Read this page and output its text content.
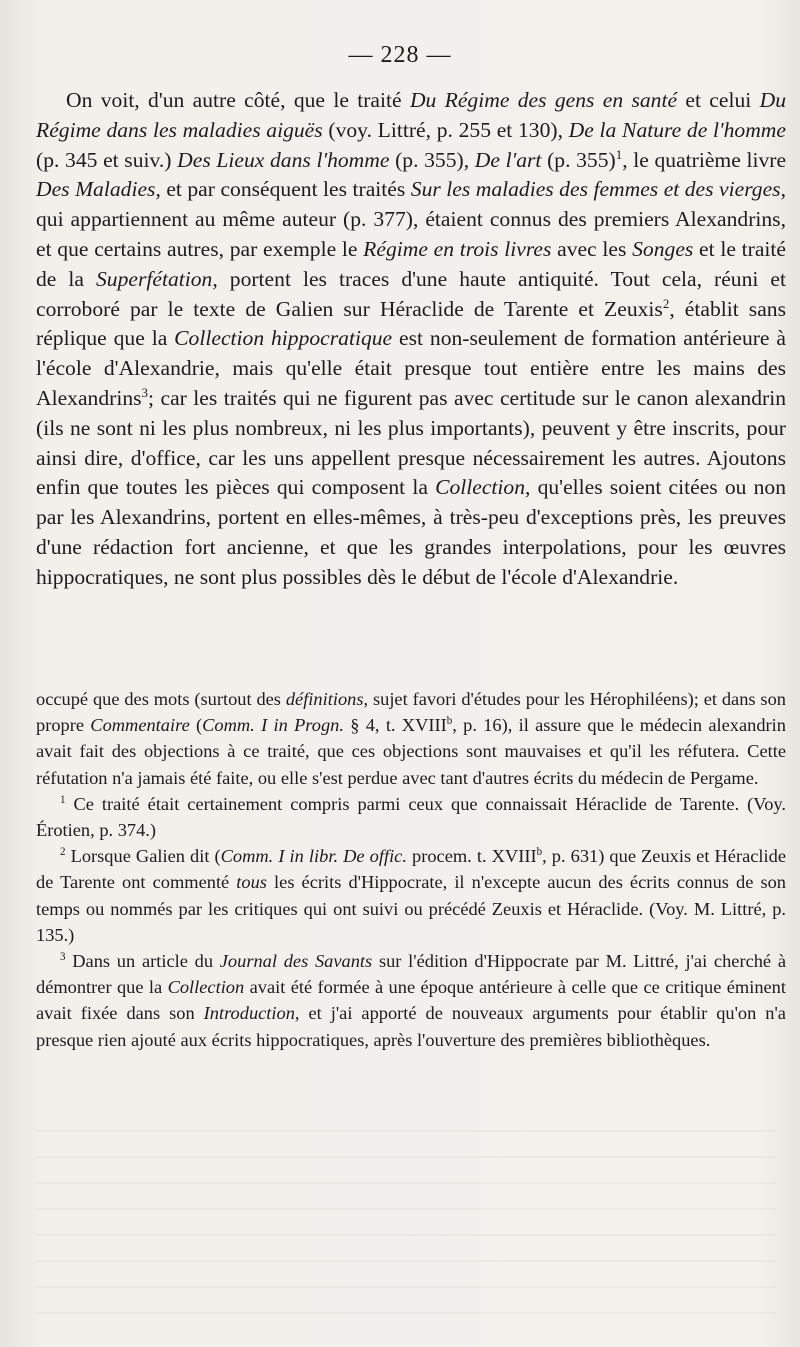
— 228 —

On voit, d'un autre côté, que le traité Du Régime des gens en santé et celui Du Régime dans les maladies aiguës (voy. Littré, p. 255 et 130), De la Nature de l'homme (p. 345 et suiv.) Des Lieux dans l'homme (p. 355), De l'art (p. 355)$^1$, le quatrième livre Des Maladies, et par conséquent les traités Sur les maladies des femmes et des vierges, qui appartiennent au même auteur (p. 377), étaient connus des premiers Alexandrins, et que certains autres, par exemple le Régime en trois livres avec les Songes et le traité de la Superfétation, portent les traces d'une haute antiquité. Tout cela, réuni et corroboré par le texte de Galien sur Héraclide de Tarente et Zeuxis$^2$, établit sans réplique que la Collection hippocratique est non-seulement de formation antérieure à l'école d'Alexandrie, mais qu'elle était presque tout entière entre les mains des Alexandrins$^3$; car les traités qui ne figurent pas avec certitude sur le canon alexandrin (ils ne sont ni les plus nombreux, ni les plus importants), peuvent y être inscrits, pour ainsi dire, d'office, car les uns appellent presque nécessairement les autres. Ajoutons enfin que toutes les pièces qui composent la Collection, qu'elles soient citées ou non par les Alexandrins, portent en elles-mêmes, à très-peu d'exceptions près, les preuves d'une rédaction fort ancienne, et que les grandes interpolations, pour les œuvres hippocratiques, ne sont plus possibles dès le début de l'école d'Alexandrie.

occupé que des mots (surtout des définitions, sujet favori d'études pour les Hérophiléens); et dans son propre Commentaire (Comm. I in Progn. § 4, t. XVIII$^b$, p. 16), il assure que le médecin alexandrin avait fait des objections à ce traité, que ces objections sont mauvaises et qu'il les réfutera. Cette réfutation n'a jamais été faite, ou elle s'est perdue avec tant d'autres écrits du médecin de Pergame.

$^1$ Ce traité était certainement compris parmi ceux que connaissait Héraclide de Tarente. (Voy. Érotien, p. 374.)

$^2$ Lorsque Galien dit (Comm. I in libr. De offic. procem. t. XVIII$^b$, p. 631) que Zeuxis et Héraclide de Tarente ont commenté tous les écrits d'Hippocrate, il n'excepte aucun des écrits connus de son temps ou nommés par les critiques qui ont suivi ou précédé Zeuxis et Héraclide. (Voy. M. Littré, p. 135.)

$^3$ Dans un article du Journal des Savants sur l'édition d'Hippocrate par M. Littré, j'ai cherché à démontrer que la Collection avait été formée à une époque antérieure à celle que ce critique éminent avait fixée dans son Introduction, et j'ai apporté de nouveaux arguments pour établir qu'on n'a presque rien ajouté aux écrits hippocratiques, après l'ouverture des premières bibliothèques.
